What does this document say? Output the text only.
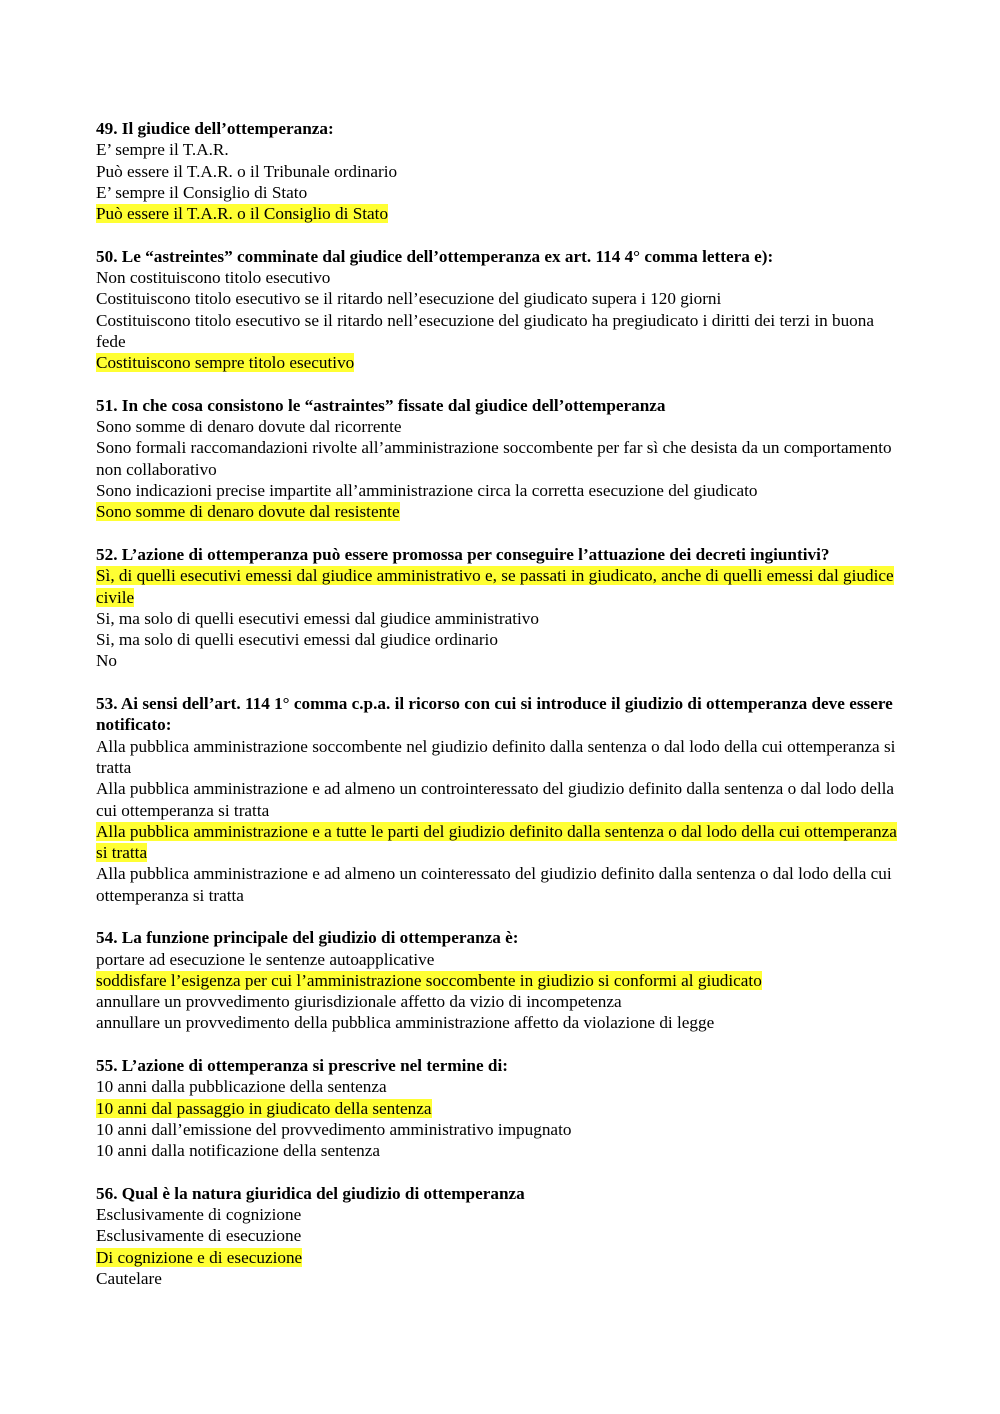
49. Il giudice dell’ottemperanza:
E’ sempre il T.A.R.
Può essere il T.A.R. o il Tribunale ordinario
E’ sempre il Consiglio di Stato
Può essere il T.A.R. o il Consiglio di Stato
50. Le “astreintes” comminate dal giudice dell’ottemperanza ex art. 114 4° comma lettera e):
Non costituiscono titolo esecutivo
Costituiscono titolo esecutivo se il ritardo nell’esecuzione del giudicato supera i 120 giorni
Costituiscono titolo esecutivo se il ritardo nell’esecuzione del giudicato ha pregiudicato i diritti dei terzi in buona fede
Costituiscono sempre titolo esecutivo
51. In che cosa consistono le “astraintes” fissate dal giudice dell’ottemperanza
Sono somme di denaro dovute dal ricorrente
Sono formali raccomandazioni rivolte all’amministrazione soccombente per far sì che desista da un comportamento non collaborativo
Sono indicazioni precise impartite all’amministrazione circa la corretta esecuzione del giudicato
Sono somme di denaro dovute dal resistente
52. L’azione di ottemperanza può essere promossa per conseguire l’attuazione dei decreti ingiuntivi?
Sì, di quelli esecutivi emessi dal giudice amministrativo e, se passati in giudicato, anche di quelli emessi dal giudice civile
Si, ma solo di quelli esecutivi emessi dal giudice amministrativo
Si, ma solo di quelli esecutivi emessi dal giudice ordinario
No
53. Ai sensi dell’art. 114 1° comma c.p.a. il ricorso con cui si introduce il giudizio di ottemperanza deve essere notificato:
Alla pubblica amministrazione soccombente nel giudizio definito dalla sentenza o dal lodo della cui ottemperanza si tratta
Alla pubblica amministrazione e ad almeno un controinteressato del giudizio definito dalla sentenza o dal lodo della cui ottemperanza si tratta
Alla pubblica amministrazione e a tutte le parti del giudizio definito dalla sentenza o dal lodo della cui ottemperanza si tratta
Alla pubblica amministrazione e ad almeno un cointeressato del giudizio definito dalla sentenza o dal lodo della cui ottemperanza si tratta
54. La funzione principale del giudizio di ottemperanza è:
portare ad esecuzione le sentenze autoapplicative
soddisfare l’esigenza per cui l’amministrazione soccombente in giudizio si conformi al giudicato
annullare un provvedimento giurisdizionale affetto da vizio di incompetenza
annullare un provvedimento della pubblica amministrazione affetto da violazione di legge
55. L’azione di ottemperanza si prescrive nel termine di:
10 anni dalla pubblicazione della sentenza
10 anni dal passaggio in giudicato della sentenza
10 anni dall’emissione del provvedimento amministrativo impugnato
10 anni dalla notificazione della sentenza
56. Qual è la natura giuridica del giudizio di ottemperanza
Esclusivamente di cognizione
Esclusivamente di esecuzione
Di cognizione e di esecuzione
Cautelare
